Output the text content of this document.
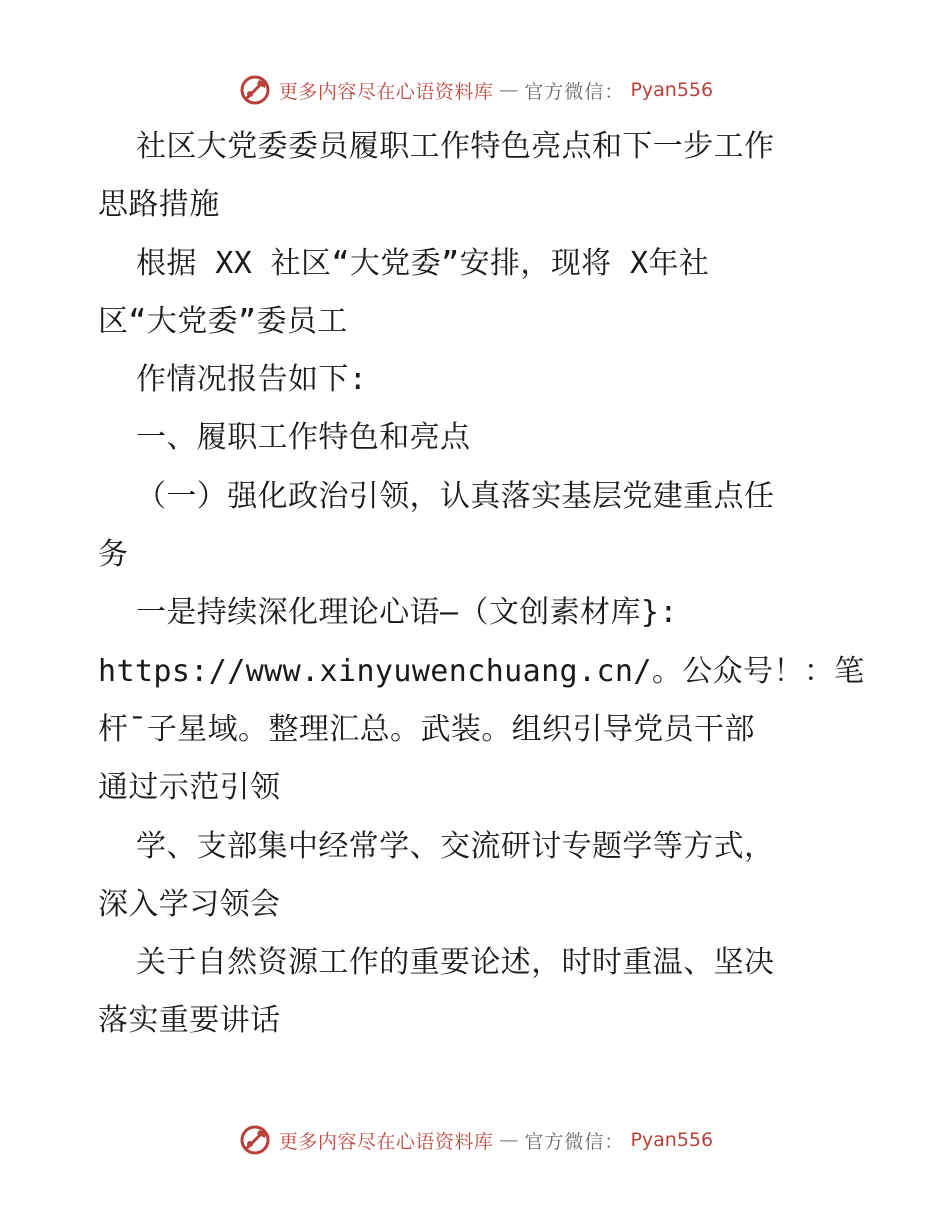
更多内容尽在心语资料库 — 官方微信： Pyan556
社区大党委委员履职工作特色亮点和下一步工作
思路措施
根据 XX 社区“大党委”安排，现将 X年社
区“大党委”委员工
作情况报告如下:
一、履职工作特色和亮点
（一）强化政治引领，认真落实基层党建重点任
务
一是持续深化理论心语—（文创素材库}:
https://www.xinyuwenchuang.cn/。公众号！：笔
杆¯子星域。整理汇总。武装。组织引导党员干部
通过示范引领
学、支部集中经常学、交流研讨专题学等方式，
深入学习领会
关于自然资源工作的重要论述，时时重温、坚决
落实重要讲话
更多内容尽在心语资料库 — 官方微信： Pyan556
